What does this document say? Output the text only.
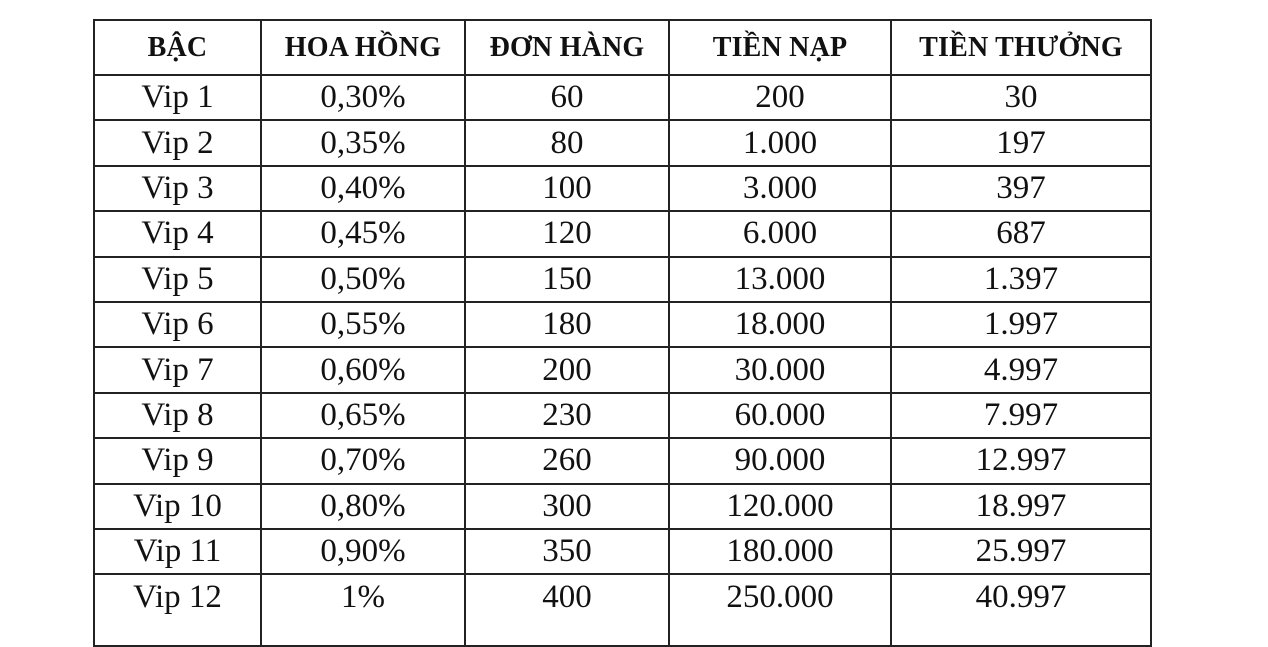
BẬC	HOA HỒNG	ĐƠN HÀNG	TIỀN NẠP	TIỀN THƯỞNG
Vip 1	0,30%	60	200	30
Vip 2	0,35%	80	1.000	197
Vip 3	0,40%	100	3.000	397
Vip 4	0,45%	120	6.000	687
Vip 5	0,50%	150	13.000	1.397
Vip 6	0,55%	180	18.000	1.997
Vip 7	0,60%	200	30.000	4.997
Vip 8	0,65%	230	60.000	7.997
Vip 9	0,70%	260	90.000	12.997
Vip 10	0,80%	300	120.000	18.997
Vip 11	0,90%	350	180.000	25.997
Vip 12	1%	400	250.000	40.997
